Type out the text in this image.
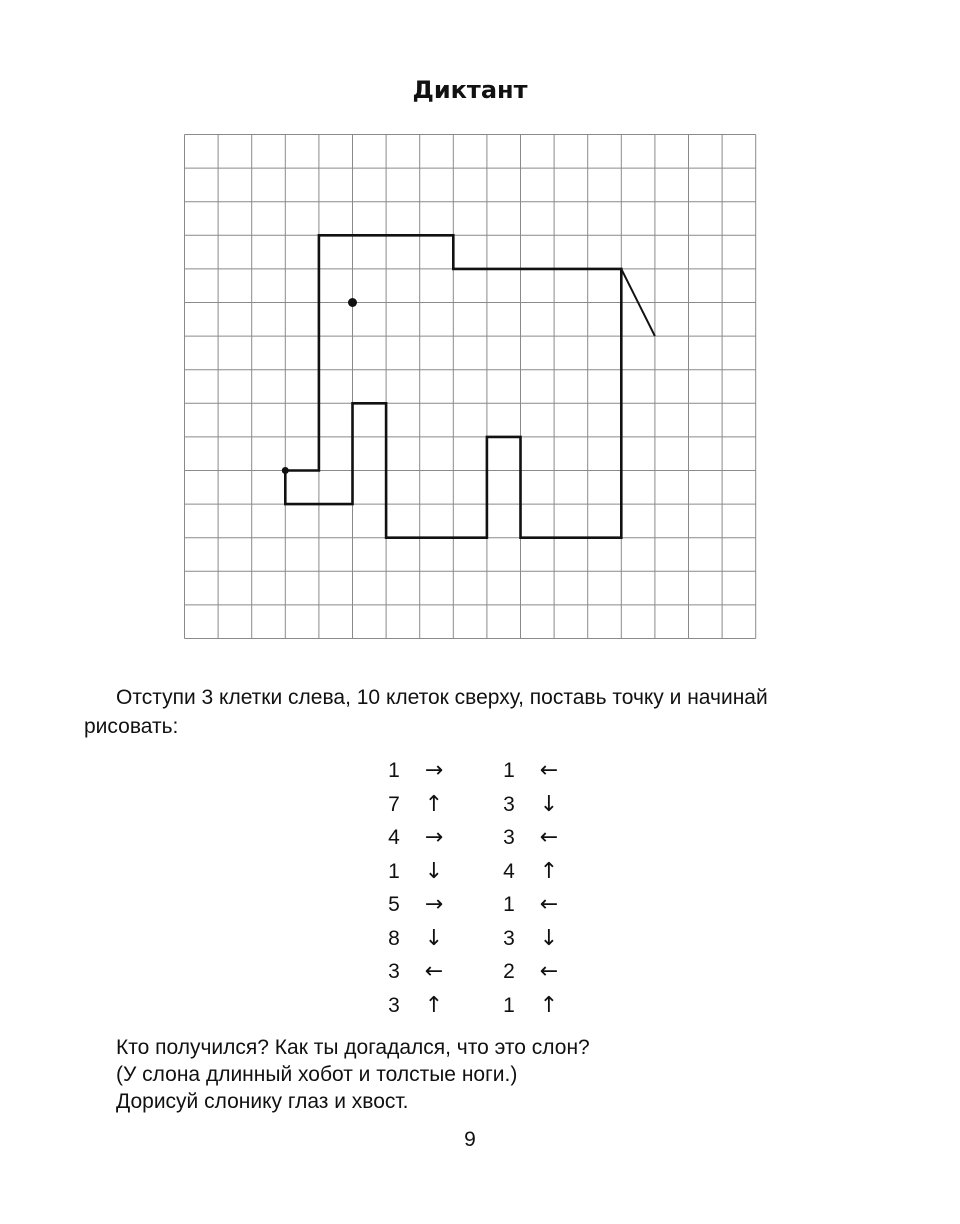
Диктант
Отступи 3 клетки слева, 10 клеток сверху, поставь точку и начинай рисовать:
1 →
7 ↑
4 →
1 ↓
5 →
8 ↓
3 ←
3 ↑
1 ←
3 ↓
3 ←
4 ↑
1 ←
3 ↓
2 ←
1 ↑
Кто получился? Как ты догадался, что это слон?
(У слона длинный хобот и толстые ноги.)
Дорисуй слонику глаз и хвост.
9
